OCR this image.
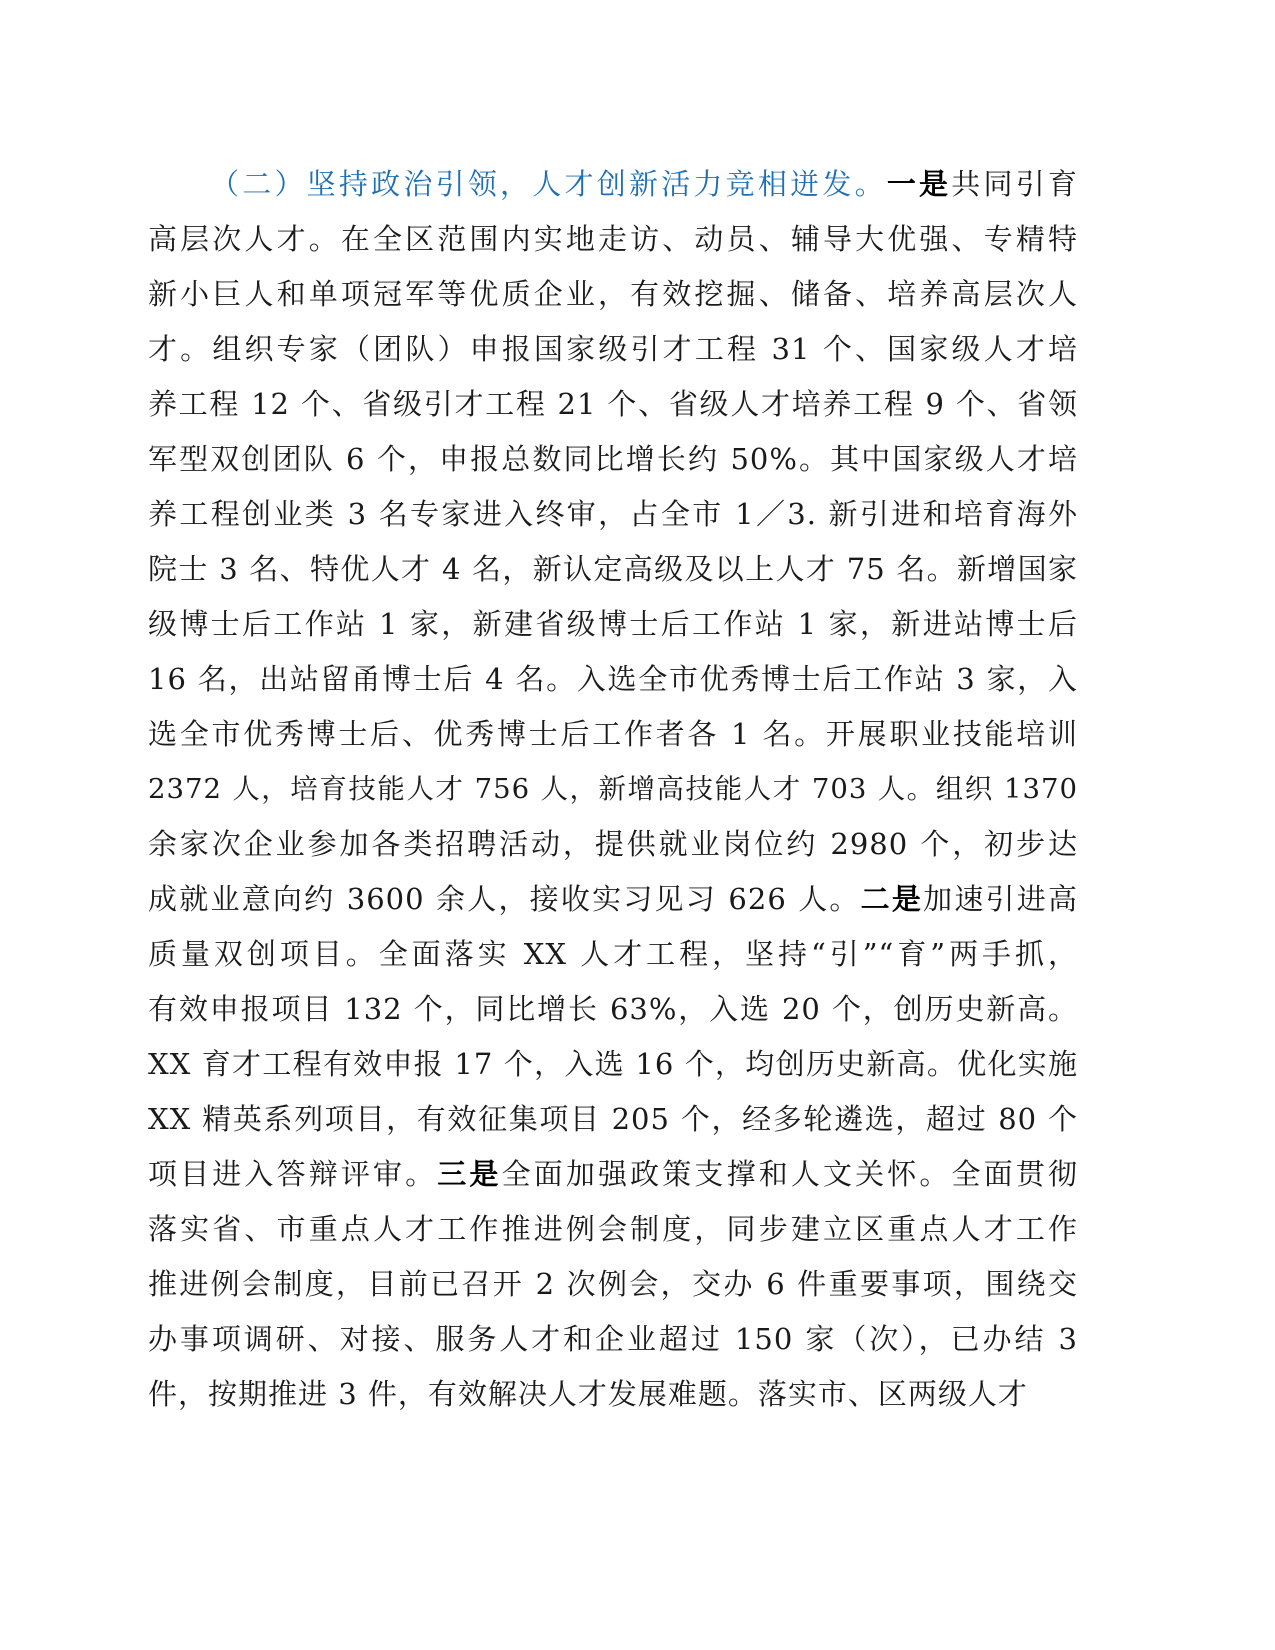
（二）坚持政治引领，人才创新活力竞相迸发。一是共同引育
高层次人才。在全区范围内实地走访、动员、辅导大优强、专精特
新小巨人和单项冠军等优质企业，有效挖掘、储备、培养高层次人
才。组织专家（团队）申报国家级引才工程 31 个、国家级人才培
养工程 12 个、省级引才工程 21 个、省级人才培养工程 9 个、省领
军型双创团队 6 个，申报总数同比增长约 50%。其中国家级人才培
养工程创业类 3 名专家进入终审，占全市 1／3. 新引进和培育海外
院士 3 名、特优人才 4 名，新认定高级及以上人才 75 名。新增国家
级博士后工作站 1 家，新建省级博士后工作站 1 家，新进站博士后
16 名，出站留甬博士后 4 名。入选全市优秀博士后工作站 3 家，入
选全市优秀博士后、优秀博士后工作者各 1 名。开展职业技能培训
2372 人，培育技能人才 756 人，新增高技能人才 703 人。组织 1370
余家次企业参加各类招聘活动，提供就业岗位约 2980 个，初步达
成就业意向约 3600 余人，接收实习见习 626 人。二是加速引进高
质量双创项目。全面落实 XX 人才工程，坚持“引”“育”两手抓，
有效申报项目 132 个，同比增长 63%，入选 20 个，创历史新高。
XX 育才工程有效申报 17 个，入选 16 个，均创历史新高。优化实施
XX 精英系列项目，有效征集项目 205 个，经多轮遴选，超过 80 个
项目进入答辩评审。三是全面加强政策支撑和人文关怀。全面贯彻
落实省、市重点人才工作推进例会制度，同步建立区重点人才工作
推进例会制度，目前已召开 2 次例会，交办 6 件重要事项，围绕交
办事项调研、对接、服务人才和企业超过 150 家（次），已办结 3
件，按期推进 3 件，有效解决人才发展难题。落实市、区两级人才
